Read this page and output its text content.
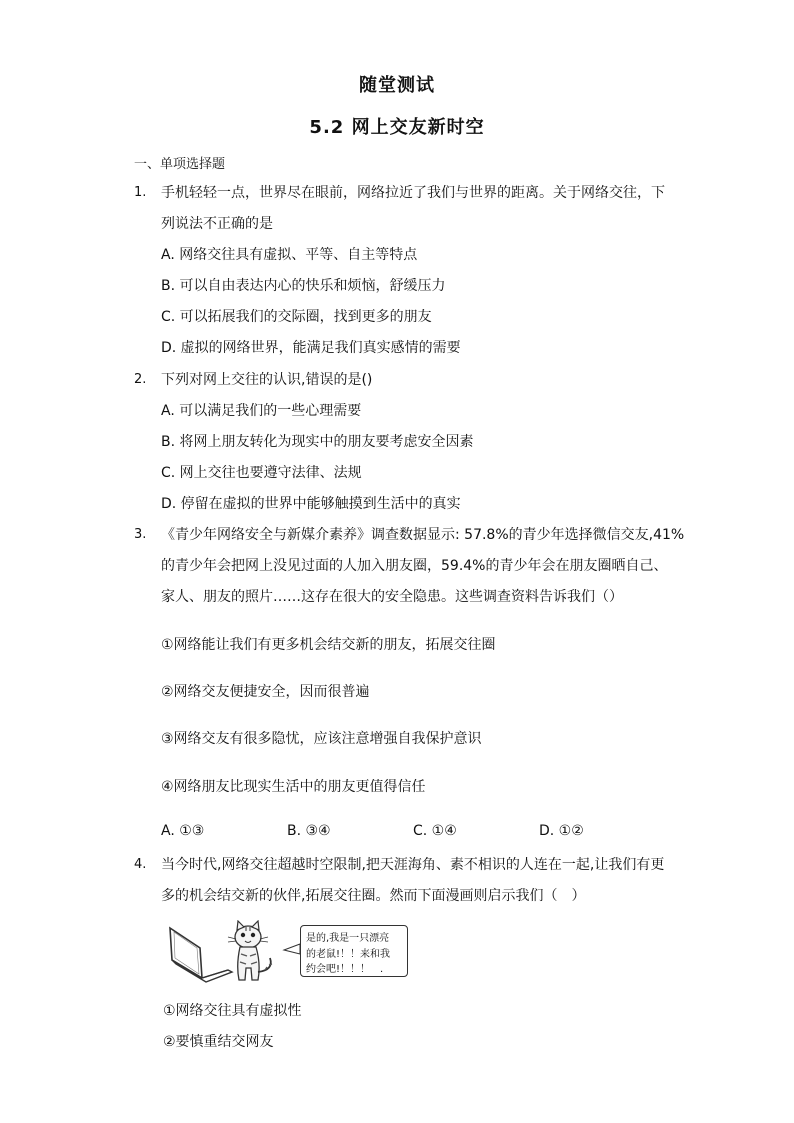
随堂测试
5.2 网上交友新时空
一、单项选择题
1. 手机轻轻一点，世界尽在眼前，网络拉近了我们与世界的距离。关于网络交往，下
列说法不正确的是
A. 网络交往具有虚拟、平等、自主等特点
B. 可以自由表达内心的快乐和烦恼，舒缓压力
C. 可以拓展我们的交际圈，找到更多的朋友
D. 虚拟的网络世界，能满足我们真实感情的需要
2. 下列对网上交往的认识,错误的是()
A. 可以满足我们的一些心理需要
B. 将网上朋友转化为现实中的朋友要考虑安全因素
C. 网上交往也要遵守法律、法规
D. 停留在虚拟的世界中能够触摸到生活中的真实
3. 《青少年网络安全与新媒介素养》调查数据显示: 57.8%的青少年选择微信交友,41%
的青少年会把网上没见过面的人加入朋友圈，59.4%的青少年会在朋友圈晒自己、
家人、朋友的照片……这存在很大的安全隐患。这些调查资料告诉我们（）
①网络能让我们有更多机会结交新的朋友，拓展交往圈
②网络交友便捷安全，因而很普遍
③网络交友有很多隐忧，应该注意增强自我保护意识
④网络朋友比现实生活中的朋友更值得信任
A. ①③	B. ③④	C. ①④	D. ①②
4. 当今时代,网络交往超越时空限制,把天涯海角、素不相识的人连在一起,让我们有更
多的机会结交新的伙伴,拓展交往圈。然而下面漫画则启示我们（　）
是的,我是一只漂亮
的老鼠!！！来和我
约会吧!！！！　.
①网络交往具有虚拟性
②要慎重结交网友
